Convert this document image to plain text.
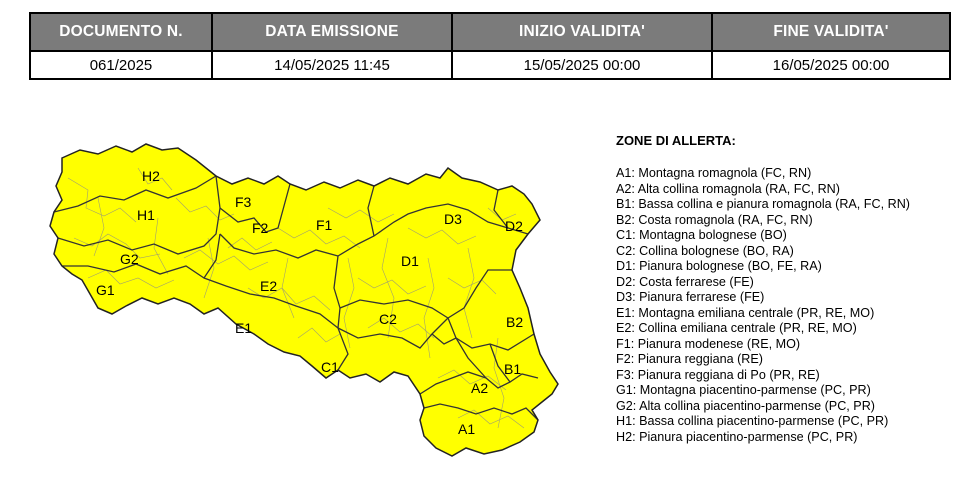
DOCUMENTO N.	DATA EMISSIONE	INIZIO VALIDITA'	FINE VALIDITA'
061/2025	14/05/2025 11:45	15/05/2025 00:00	16/05/2025 00:00
H2
F3
H1
F2	F1	D3	D2
G2	D1
G1	E2
B2
E1
C2
C1	B1
A2
A1
ZONE DI ALLERTA:
A1: Montagna romagnola (FC, RN)
A2: Alta collina romagnola (RA, FC, RN)
B1: Bassa collina e pianura romagnola (RA, FC, RN)
B2: Costa romagnola (RA, FC, RN)
C1: Montagna bolognese (BO)
C2: Collina bolognese (BO, RA)
D1: Pianura bolognese (BO, FE, RA)
D2: Costa ferrarese (FE)
D3: Pianura ferrarese (FE)
E1: Montagna emiliana centrale (PR, RE, MO)
E2: Collina emiliana centrale (PR, RE, MO)
F1: Pianura modenese (RE, MO)
F2: Pianura reggiana (RE)
F3: Pianura reggiana di Po (PR, RE)
G1: Montagna piacentino-parmense (PC, PR)
G2: Alta collina piacentino-parmense (PC, PR)
H1: Bassa collina piacentino-parmense (PC, PR)
H2: Pianura piacentino-parmense (PC, PR)
